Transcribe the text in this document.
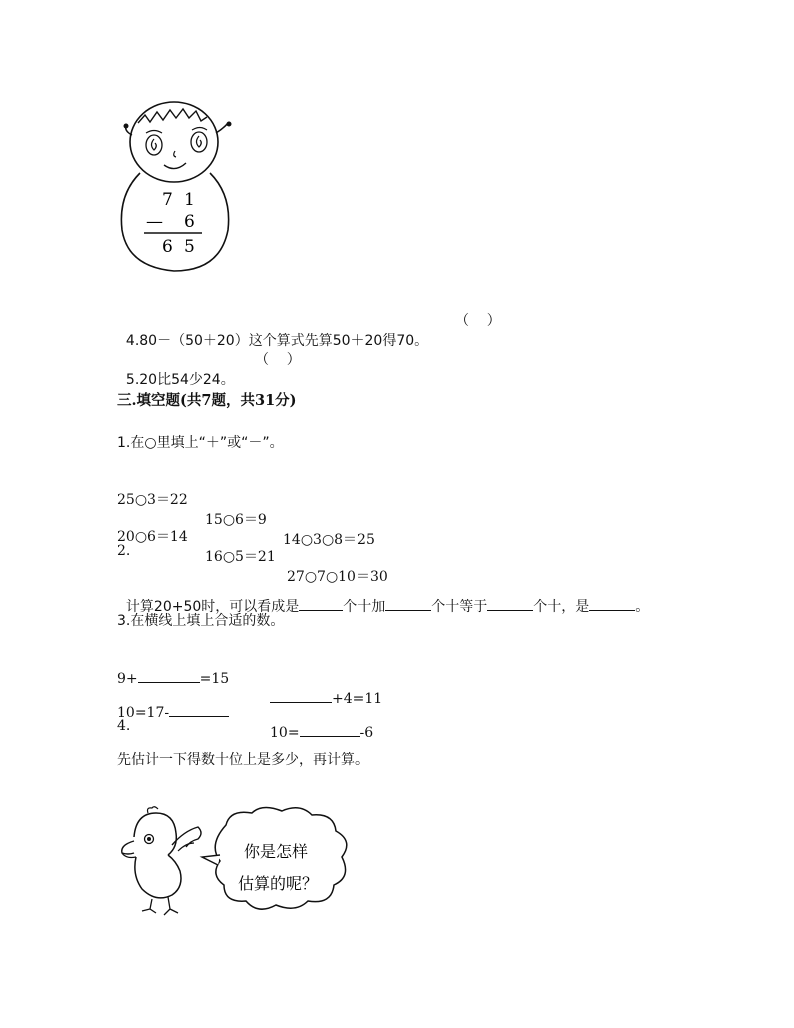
7 1
— 6
6 5

4.80－（50＋20）这个算式先算50＋20得70。
（    ）

5.20比54少24。
（    ）

三.填空题(共7题，共31分)
1.在○里填上“＋”或“－”。

25○3＝22

15○6＝9

14○3○8＝25

20○6＝14

16○5＝21

27○7○10＝30

2.

计算20+50时，可以看成是	个十加	个十等于	个十，是	。

3.在横线上填上合适的数。

9+	=15

+4=11

10=17-

10=	-6

4.
先估计一下得数十位上是多少，再计算。
你是怎样
估算的呢？
